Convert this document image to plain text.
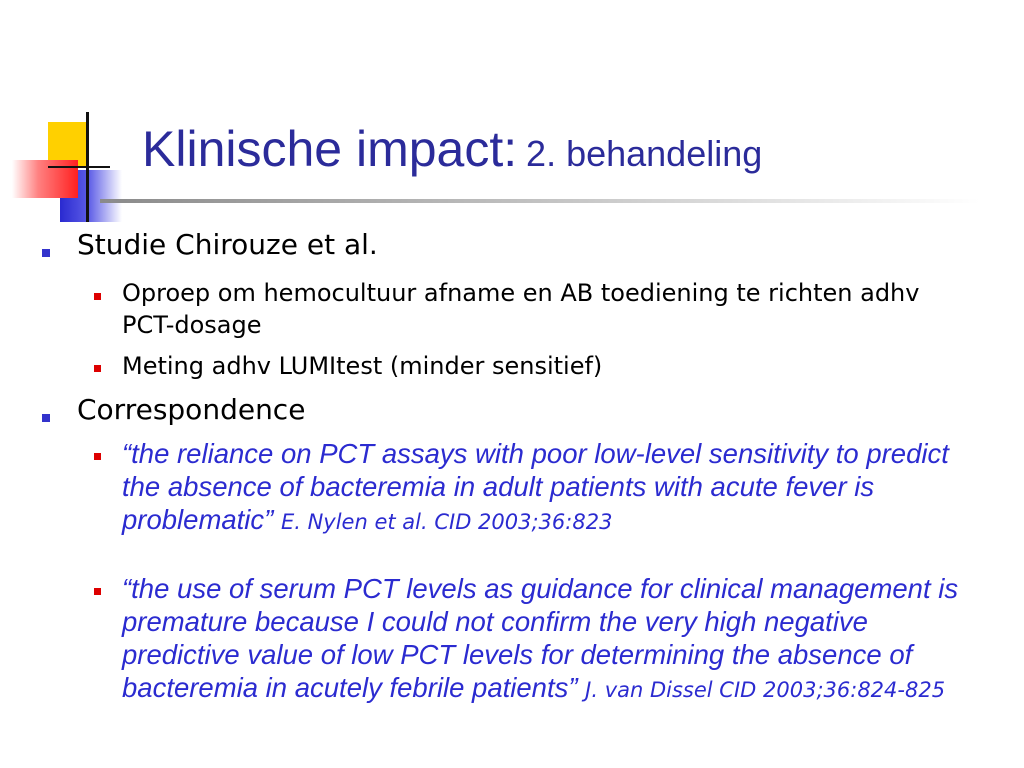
Klinische impact: 2. behandeling
Studie Chirouze et al.
Oproep om hemocultuur afname en AB toediening te richten adhv PCT-dosage
Meting adhv LUMItest (minder sensitief)
Correspondence
“the reliance on PCT assays with poor low-level sensitivity to predict the absence of bacteremia in adult patients with acute fever is problematic” E. Nylen et al. CID 2003;36:823
“the use of serum PCT levels as guidance for clinical management is premature because I could not confirm the very high negative predictive value of low PCT levels for determining the absence of bacteremia in acutely febrile patients” J. van Dissel CID 2003;36:824-825
